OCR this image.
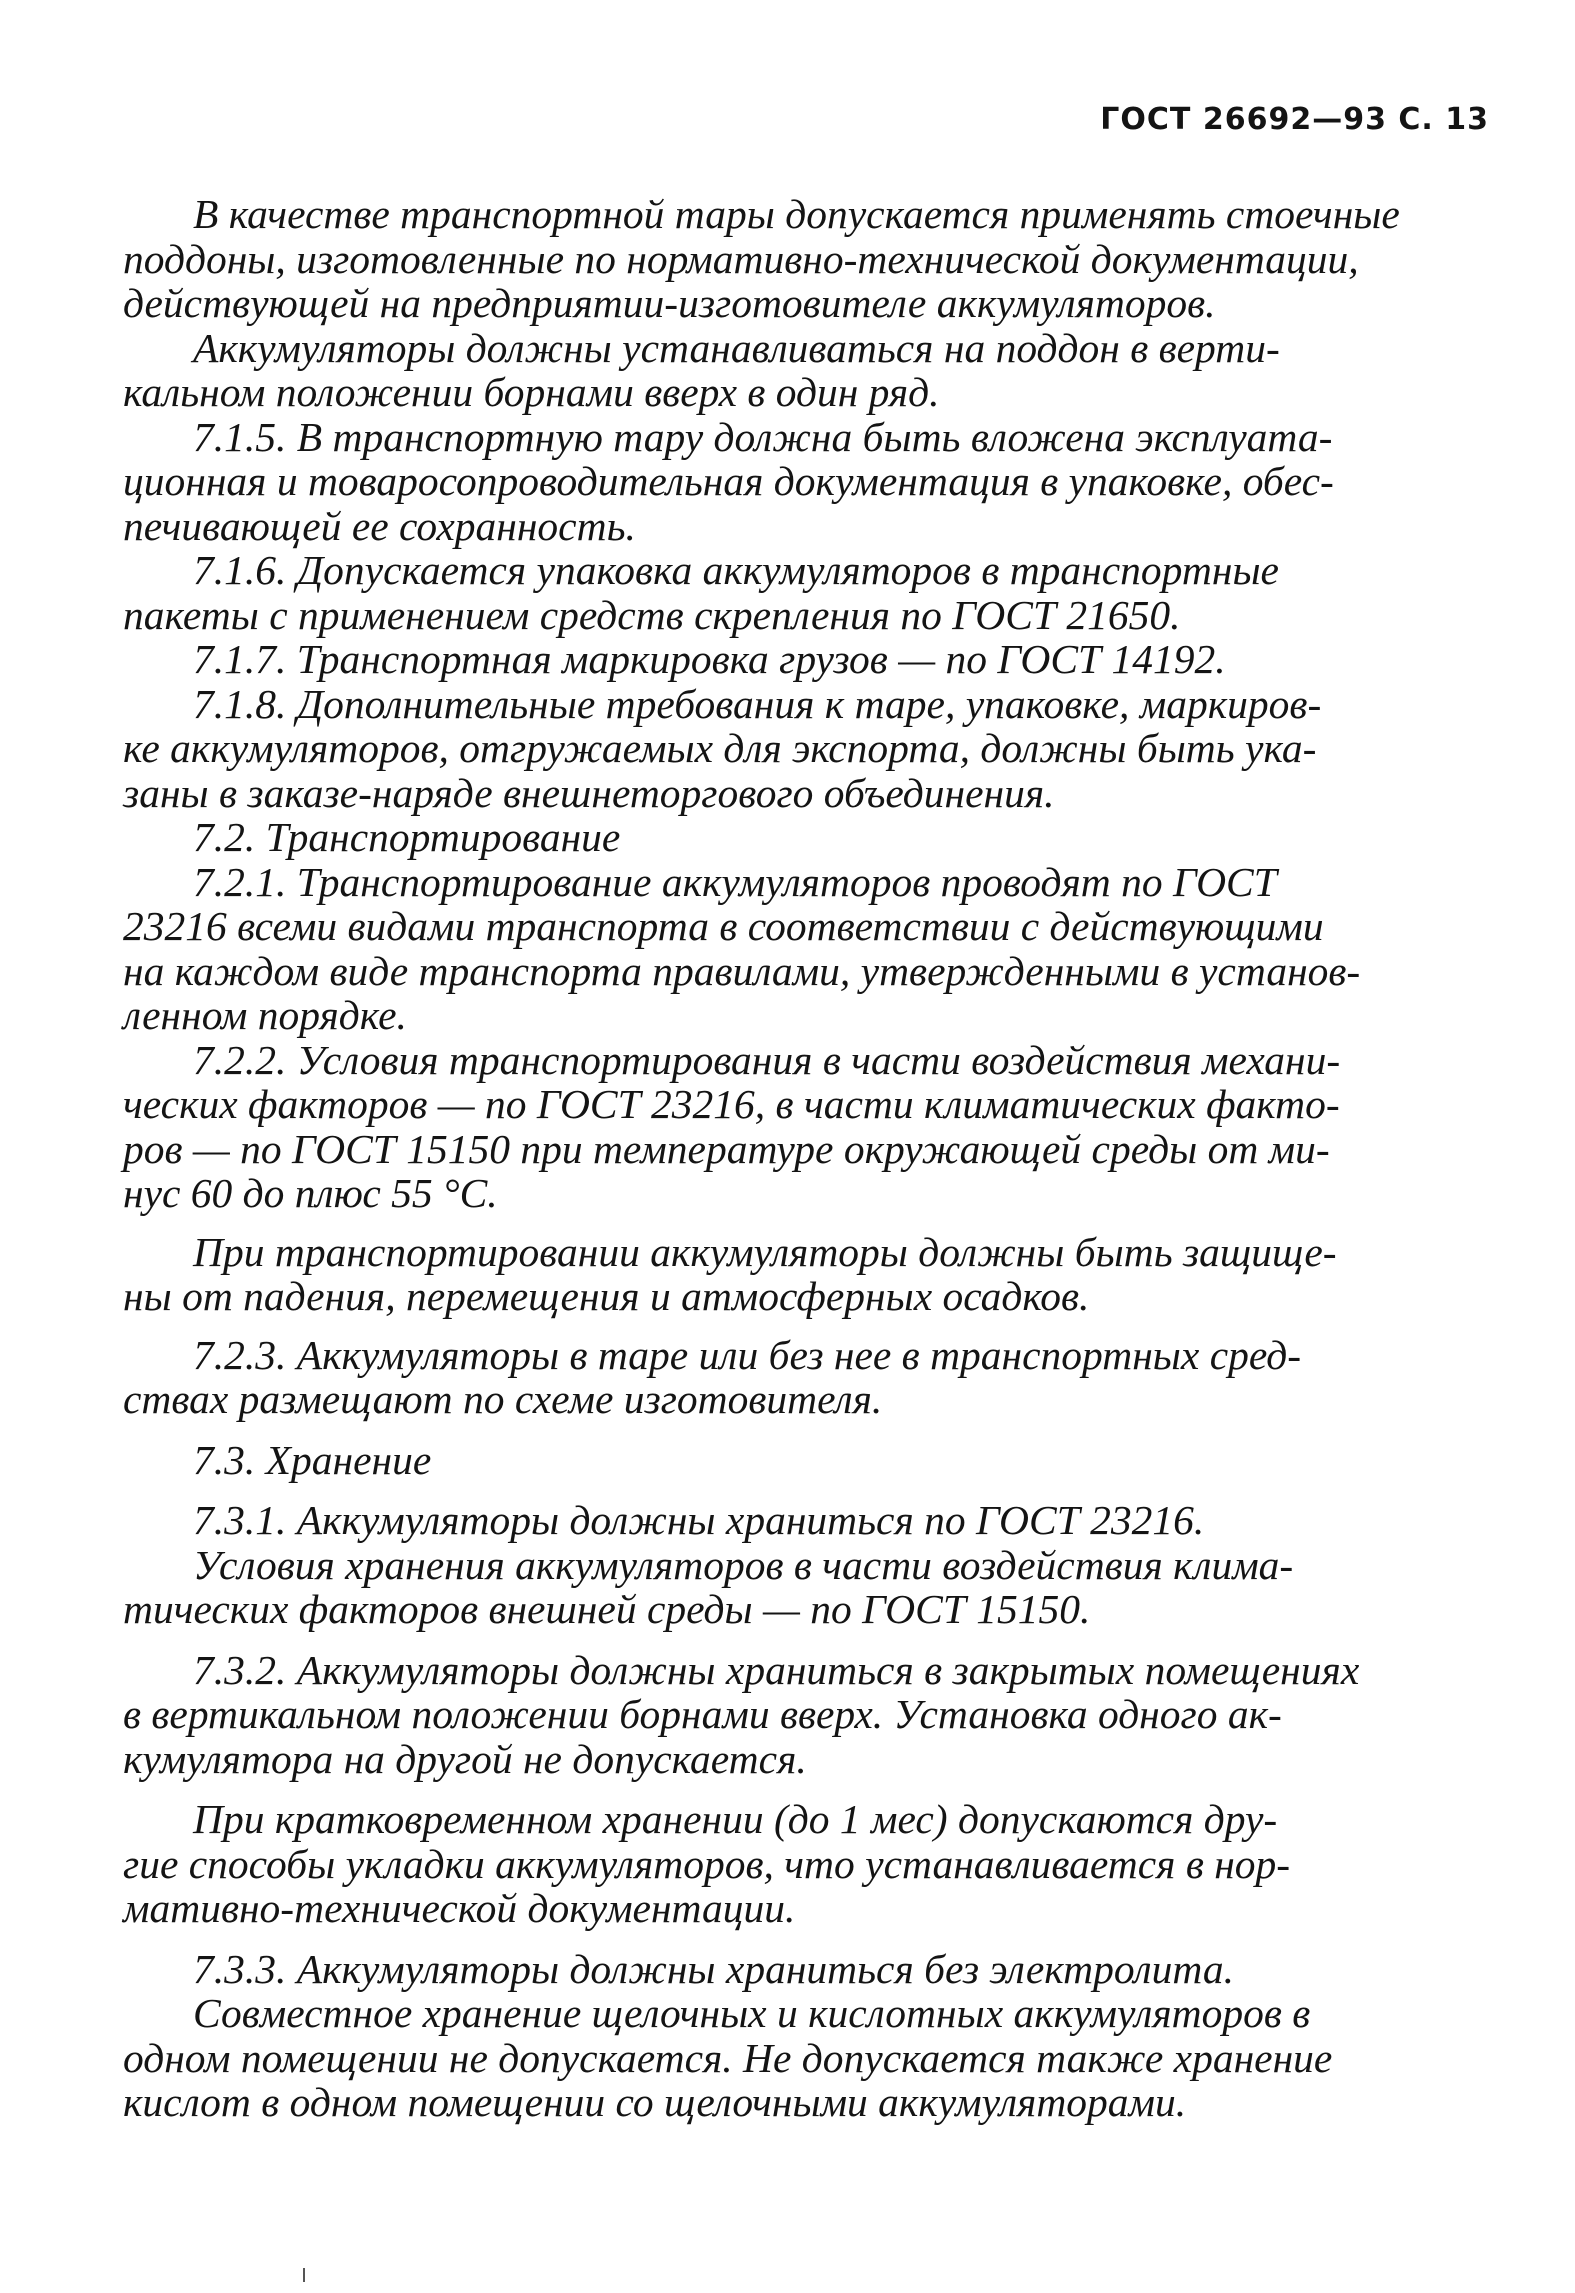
ГОСТ 26692—93 С. 13

В качестве транспортной тары допускается применять стоечные
поддоны, изготовленные по нормативно-технической документации,
действующей на предприятии-изготовителе аккумуляторов.

Аккумуляторы должны устанавливаться на поддон в верти-
кальном положении борнами вверх в один ряд.

7.1.5. В транспортную тару должна быть вложена эксплуата-
ционная и товаросопроводительная документация в упаковке, обес-
печивающей ее сохранность.

7.1.6. Допускается упаковка аккумуляторов в транспортные
пакеты с применением средств скрепления по ГОСТ 21650.

7.1.7. Транспортная маркировка грузов — по ГОСТ 14192.

7.1.8. Дополнительные требования к таре, упаковке, маркиров-
ке аккумуляторов, отгружаемых для экспорта, должны быть ука-
заны в заказе-наряде внешнеторгового объединения.

7.2. Транспортирование

7.2.1. Транспортирование аккумуляторов проводят по ГОСТ
23216 всеми видами транспорта в соответствии с действующими
на каждом виде транспорта правилами, утвержденными в установ-
ленном порядке.

7.2.2. Условия транспортирования в части воздействия механи-
ческих факторов — по ГОСТ 23216, в части климатических факто-
ров — по ГОСТ 15150 при температуре окружающей среды от ми-
нус 60 до плюс 55 °С.

При транспортировании аккумуляторы должны быть защище-
ны от падения, перемещения и атмосферных осадков.

7.2.3. Аккумуляторы в таре или без нее в транспортных сред-
ствах размещают по схеме изготовителя.

7.3. Хранение

7.3.1. Аккумуляторы должны храниться по ГОСТ 23216.

Условия хранения аккумуляторов в части воздействия клима-
тических факторов внешней среды — по ГОСТ 15150.

7.3.2. Аккумуляторы должны храниться в закрытых помещениях
в вертикальном положении борнами вверх. Установка одного ак-
кумулятора на другой не допускается.

При кратковременном хранении (до 1 мес) допускаются дру-
гие способы укладки аккумуляторов, что устанавливается в нор-
мативно-технической документации.

7.3.3. Аккумуляторы должны храниться без электролита.

Совместное хранение щелочных и кислотных аккумуляторов в
одном помещении не допускается. Не допускается также хранение
кислот в одном помещении со щелочными аккумуляторами.
